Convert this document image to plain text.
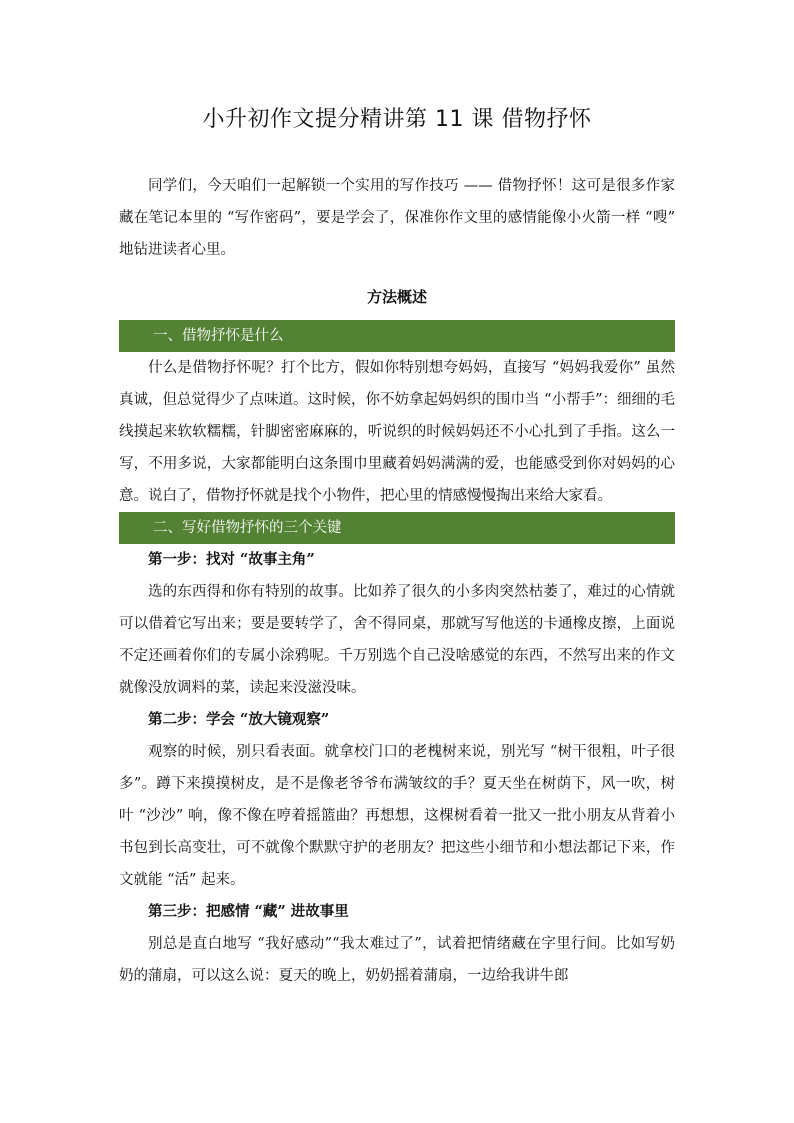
小升初作文提分精讲第 11 课 借物抒怀

同学们，今天咱们一起解锁一个实用的写作技巧 —— 借物抒怀！这可是很多作家藏在笔记本里的 “写作密码”，要是学会了，保准你作文里的感情能像小火箭一样 “嗖” 地钻进读者心里。

方法概述
一、借物抒怀是什么

什么是借物抒怀呢？打个比方，假如你特别想夸妈妈，直接写 “妈妈我爱你” 虽然真诚，但总觉得少了点味道。这时候，你不妨拿起妈妈织的围巾当 “小帮手”：细细的毛线摸起来软软糯糯，针脚密密麻麻的，听说织的时候妈妈还不小心扎到了手指。这么一写，不用多说，大家都能明白这条围巾里藏着妈妈满满的爱，也能感受到你对妈妈的心意。说白了，借物抒怀就是找个小物件，把心里的情感慢慢掏出来给大家看。

二、写好借物抒怀的三个关键

第一步：找对 “故事主角”

选的东西得和你有特别的故事。比如养了很久的小多肉突然枯萎了，难过的心情就可以借着它写出来；要是要转学了，舍不得同桌，那就写写他送的卡通橡皮擦，上面说不定还画着你们的专属小涂鸦呢。千万别选个自己没啥感觉的东西，不然写出来的作文就像没放调料的菜，读起来没滋没味。

第二步：学会 “放大镜观察”

观察的时候，别只看表面。就拿校门口的老槐树来说，别光写 “树干很粗，叶子很多”。蹲下来摸摸树皮，是不是像老爷爷布满皱纹的手？夏天坐在树荫下，风一吹，树叶 “沙沙” 响，像不像在哼着摇篮曲？再想想，这棵树看着一批又一批小朋友从背着小书包到长高变壮，可不就像个默默守护的老朋友？把这些小细节和小想法都记下来，作文就能 “活” 起来。

第三步：把感情 “藏” 进故事里

别总是直白地写 “我好感动”“我太难过了”，试着把情绪藏在字里行间。比如写奶奶的蒲扇，可以这么说：夏天的晚上，奶奶摇着蒲扇，一边给我讲牛郎
